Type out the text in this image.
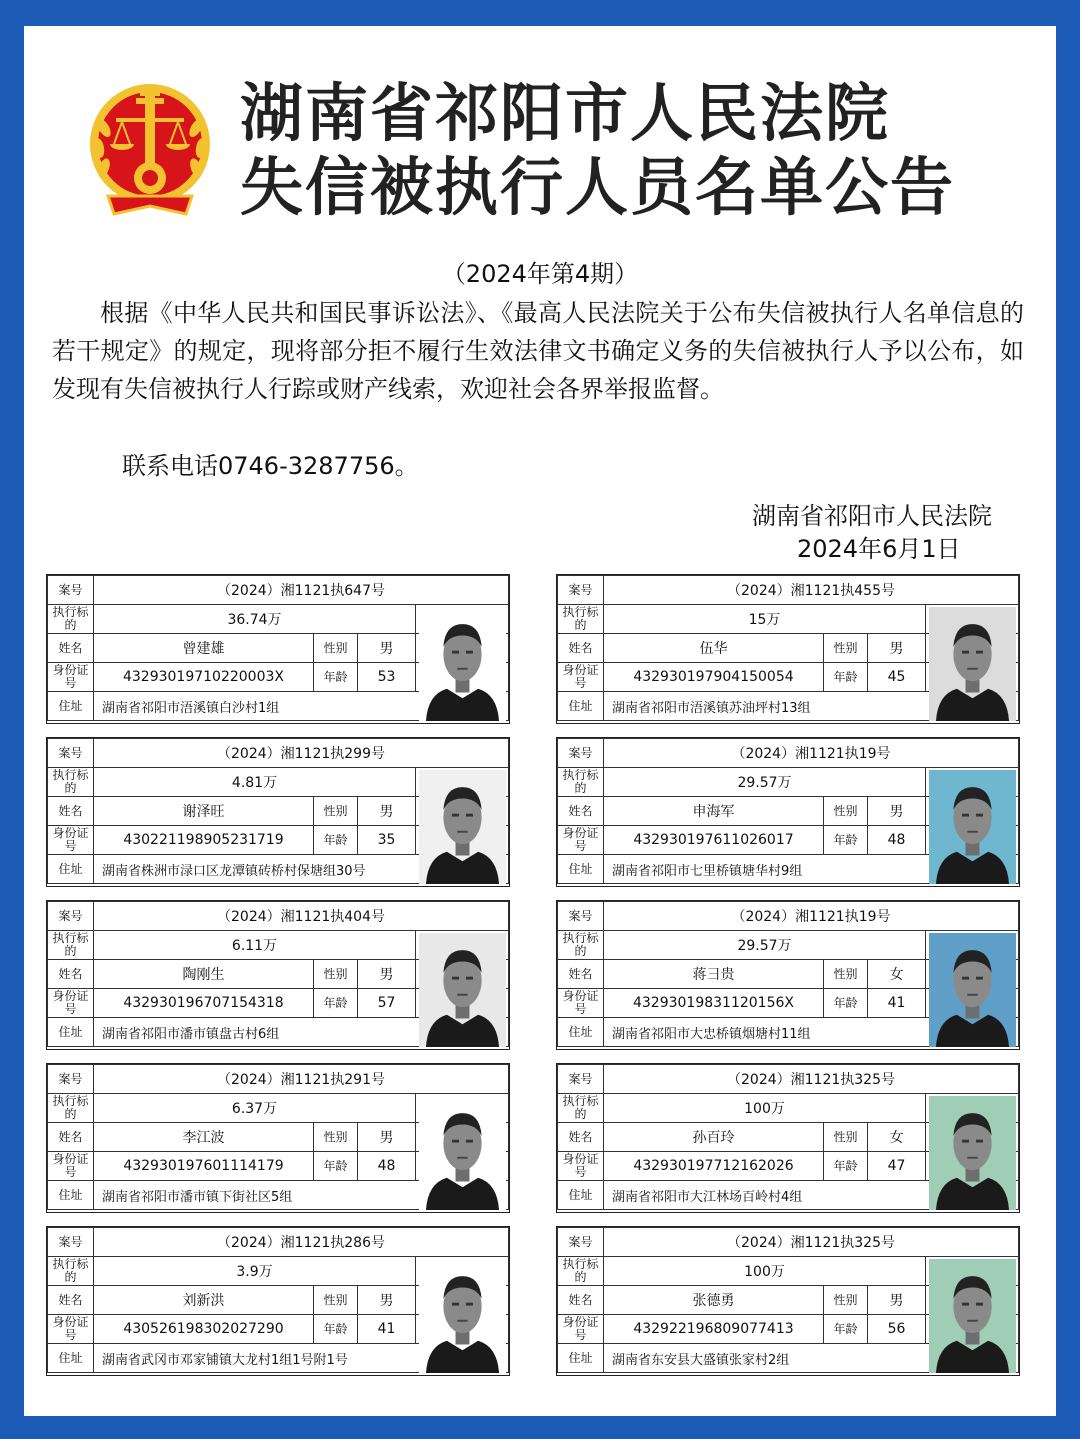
湖南省祁阳市人民法院
失信被执行人员名单公告
（2024年第4期）

根据《中华人民共和国民事诉讼法》、《最高人民法院关于公布失信被执行人名单信息的若干规定》的规定，现将部分拒不履行生效法律文书确定义务的失信被执行人予以公布，如发现有失信被执行人行踪或财产线索，欢迎社会各界举报监督。

联系电话0746-3287756。
湖南省祁阳市人民法院
2024年6月1日
案号	（2024）湘1121执647号			
执行标的	36.74万			
姓名	曾建雄	性别	男	
身份证号	43293019710220003X	年龄	53	
住址	湖南省祁阳市浯溪镇白沙村1组			
案号	（2024）湘1121执455号			
执行标的	15万			
姓名	伍华	性别	男	
身份证号	432930197904150054	年龄	45	
住址	湖南省祁阳市浯溪镇苏油坪村13组			
案号	（2024）湘1121执299号			
执行标的	4.81万			
姓名	谢泽旺	性别	男	
身份证号	430221198905231719	年龄	35	
住址	湖南省株洲市渌口区龙潭镇砖桥村保塘组30号			
案号	（2024）湘1121执19号			
执行标的	29.57万			
姓名	申海军	性别	男	
身份证号	432930197611026017	年龄	48	
住址	湖南省祁阳市七里桥镇塘华村9组			
案号	（2024）湘1121执404号			
执行标的	6.11万			
姓名	陶刚生	性别	男	
身份证号	432930196707154318	年龄	57	
住址	湖南省祁阳市潘市镇盘古村6组			
案号	（2024）湘1121执19号			
执行标的	29.57万			
姓名	蒋彐贵	性别	女	
身份证号	43293019831120156X	年龄	41	
住址	湖南省祁阳市大忠桥镇烟塘村11组			
案号	（2024）湘1121执291号			
执行标的	6.37万			
姓名	李江波	性别	男	
身份证号	432930197601114179	年龄	48	
住址	湖南省祁阳市潘市镇下街社区5组			
案号	（2024）湘1121执325号			
执行标的	100万			
姓名	孙百玲	性别	女	
身份证号	432930197712162026	年龄	47	
住址	湖南省祁阳市大江林场百岭村4组			
案号	（2024）湘1121执286号			
执行标的	3.9万			
姓名	刘新洪	性别	男	
身份证号	430526198302027290	年龄	41	
住址	湖南省武冈市邓家铺镇大龙村1组1号附1号			
案号	（2024）湘1121执325号			
执行标的	100万			
姓名	张德勇	性别	男	
身份证号	432922196809077413	年龄	56	
住址	湖南省东安县大盛镇张家村2组			
